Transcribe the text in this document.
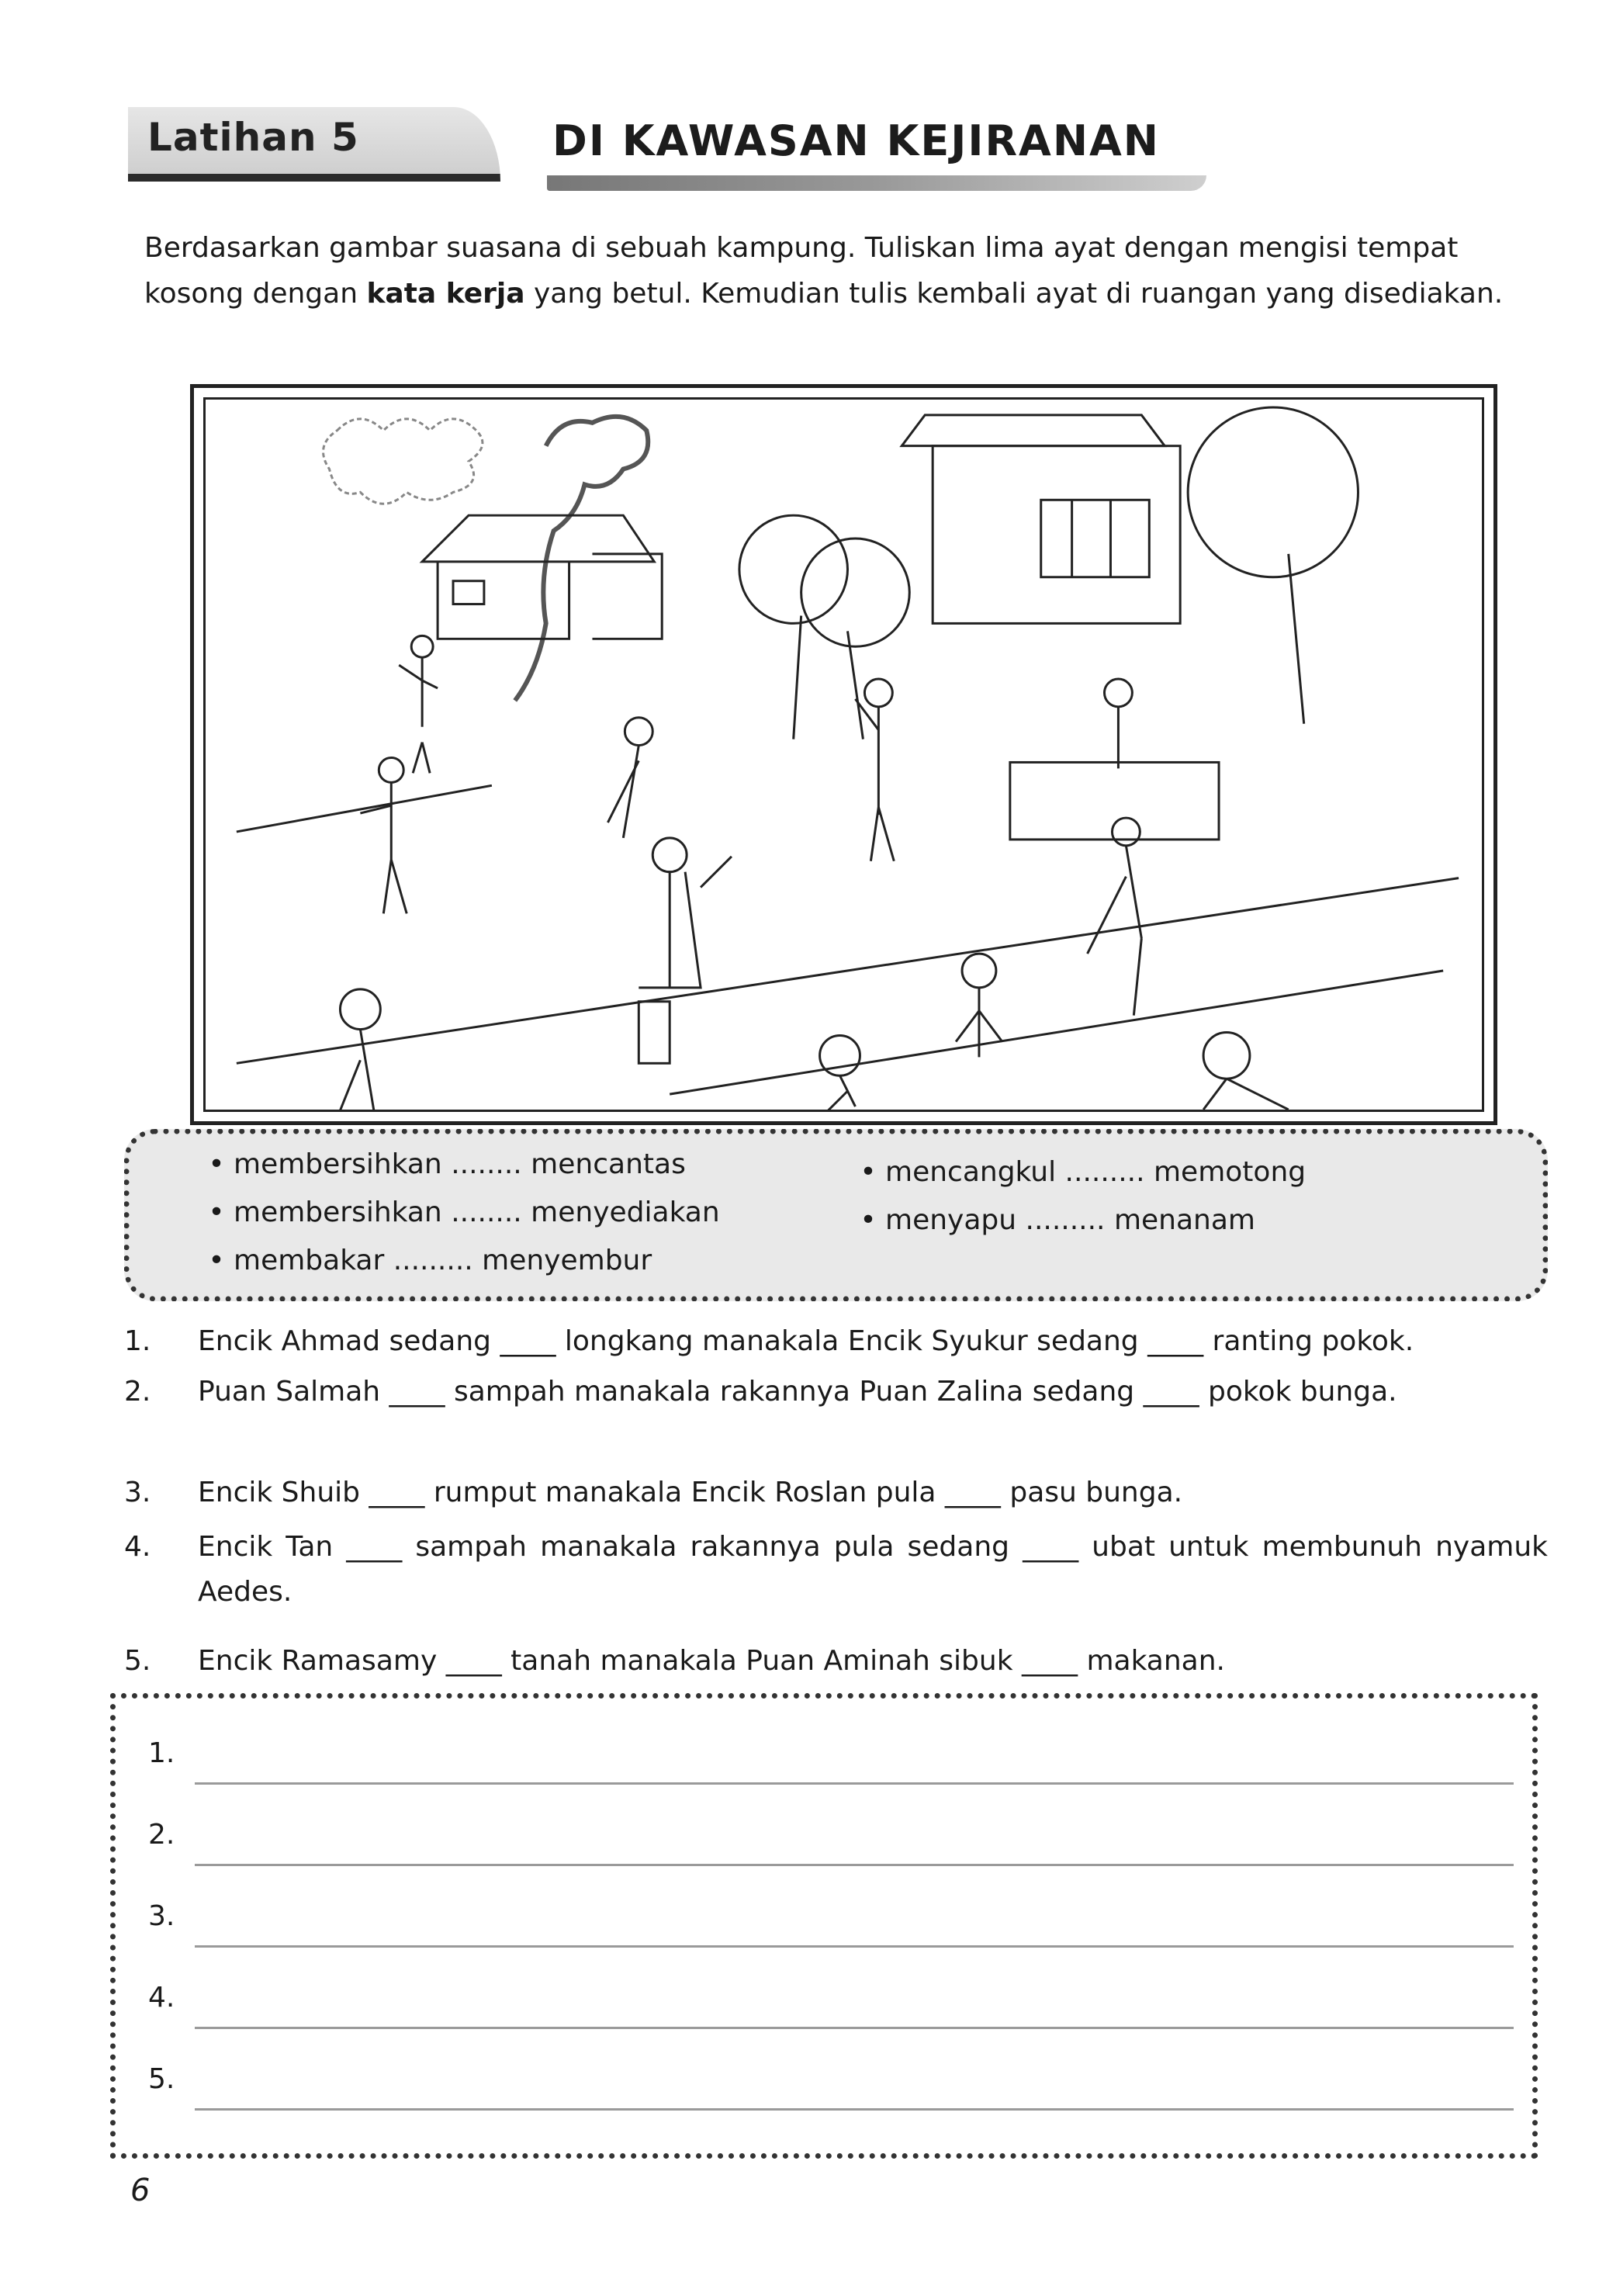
Latihan 5	DI KAWASAN KEJIRANAN
Berdasarkan gambar suasana di sebuah kampung. Tuliskan lima ayat dengan mengisi tempat kosong dengan kata kerja yang betul. Kemudian tulis kembali ayat di ruangan yang disediakan.
• membersihkan ........ mencantas	• mencangkul ......... memotong
• membersihkan ........ menyediakan	• menyapu ......... menanam
• membakar ......... menyembur
1. Encik Ahmad sedang ____ longkang manakala Encik Syukur sedang ____ ranting pokok.
2. Puan Salmah ____ sampah manakala rakannya Puan Zalina sedang ____ pokok bunga.
3. Encik Shuib ____ rumput manakala Encik Roslan pula ____ pasu bunga.
4. Encik Tan ____ sampah manakala rakannya pula sedang ____ ubat untuk membunuh nyamuk Aedes.
5. Encik Ramasamy ____ tanah manakala Puan Aminah sibuk ____ makanan.
1.
2.
3.
4.
5.
6
